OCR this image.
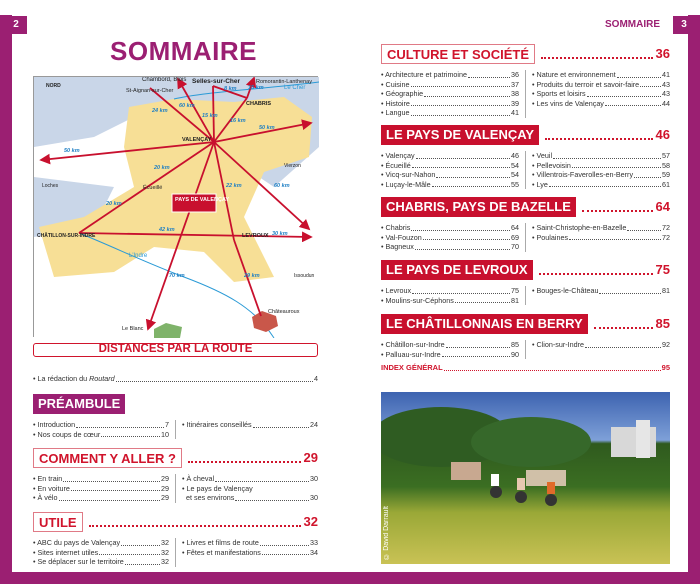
2	3
SOMMAIRE
SOMMAIRE
Chambord, Blois Selles-sur-Cher	Romorantin-Lanthenay
St-Aignan-sur-Cher
CHABRIS
VALENÇAY
Écueillé
CHÂTILLON-SUR-INDRE	LEVROUX
Châteauroux
Le Blanc
Loches
Vierzon
Issoudun
Le Cher
L'Indre
PAYS DE VALENÇAY
NORD
24 km
60 km
15 km
8 km 15 km
16 km
50 km
50 km
20 km
22 km	60 km
20 km
42 km
30 km
70 km	29 km
DISTANCES PAR LA ROUTE
• La rédaction du Routard	4
PRÉAMBULE
• Introduction	7
• Nos coups de cœur	10
• Itinéraires conseillés	24
COMMENT Y ALLER ?	29
• En train	29
• En voiture	29
• À vélo	29
• À cheval	30
• Le pays de Valençay
et ses environs	30
UTILE	32
• ABC du pays de Valençay	32
• Sites internet utiles	32
• Se déplacer sur le territoire	32
• Livres et films de route	33
• Fêtes et manifestations	34
CULTURE ET SOCIÉTÉ	36
• Architecture et patrimoine	36
• Cuisine	37
• Géographie	38
• Histoire	39
• Langue	41
• Nature et environnement	41
• Produits du terroir et savoir-faire	43
• Sports et loisirs	43
• Les vins de Valençay	44
LE PAYS DE VALENÇAY	46
• Valençay	46
• Écueillé	54
• Vicq-sur-Nahon	54
• Luçay-le-Mâle	55
• Veuil	57
• Pellevoisin	58
• Villentrois-Faverolles-en-Berry	59
• Lye	61
CHABRIS, PAYS DE BAZELLE	64
• Chabris	64
• Val-Fouzon	69
• Bagneux	70
• Saint-Christophe-en-Bazelle	72
• Poulaines	72
LE PAYS DE LEVROUX	75
• Levroux	75
• Moulins-sur-Céphons	81
• Bouges-le-Château	81
LE CHÂTILLONNAIS EN BERRY	85
• Châtillon-sur-Indre	85
• Palluau-sur-Indre	90
• Clion-sur-Indre	92
INDEX GÉNÉRAL	95
© David Darrault
